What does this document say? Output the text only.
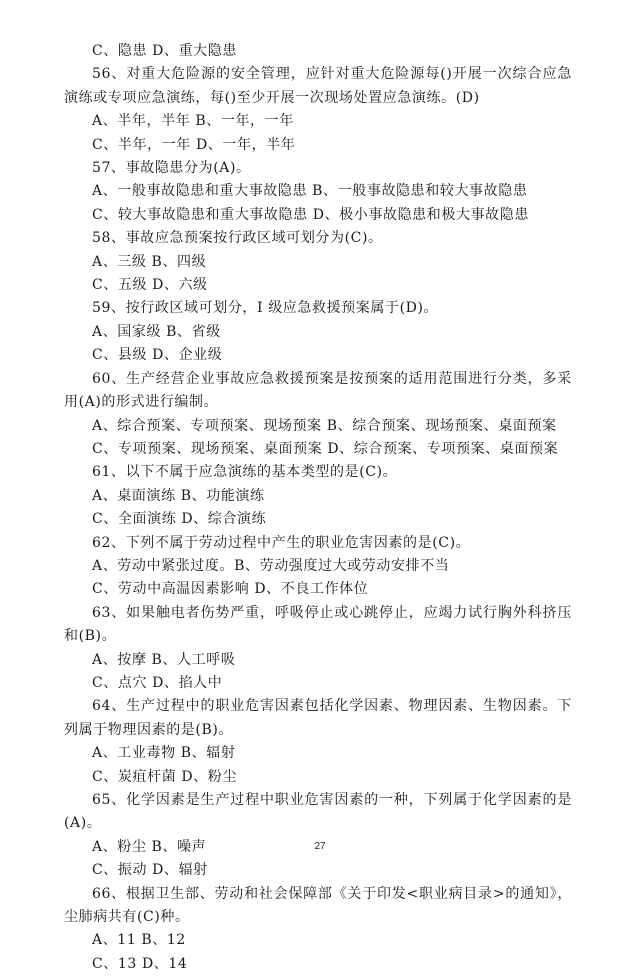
C、隐患 D、重大隐患
56、对重大危险源的安全管理，应针对重大危险源每()开展一次综合应急演练或专项应急演练，每()至少开展一次现场处置应急演练。(D)
A、半年，半年 B、一年，一年
C、半年，一年 D、一年，半年
57、事故隐患分为(A)。
A、一般事故隐患和重大事故隐患 B、一般事故隐患和较大事故隐患
C、较大事故隐患和重大事故隐患 D、极小事故隐患和极大事故隐患
58、事故应急预案按行政区域可划分为(C)。
A、三级 B、四级
C、五级 D、六级
59、按行政区域可划分，I 级应急救援预案属于(D)。
A、国家级 B、省级
C、县级 D、企业级
60、生产经营企业事故应急救援预案是按预案的适用范围进行分类，多采用(A)的形式进行编制。
A、综合预案、专项预案、现场预案 B、综合预案、现场预案、桌面预案
C、专项预案、现场预案、桌面预案 D、综合预案、专项预案、桌面预案
61、以下不属于应急演练的基本类型的是(C)。
A、桌面演练 B、功能演练
C、全面演练 D、综合演练
62、下列不属于劳动过程中产生的职业危害因素的是(C)。
A、劳动中紧张过度。B、劳动强度过大或劳动安排不当
C、劳动中高温因素影响 D、不良工作体位
63、如果触电者伤势严重，呼吸停止或心跳停止，应竭力试行胸外科挤压和(B)。
A、按摩 B、人工呼吸
C、点穴 D、掐人中
64、生产过程中的职业危害因素包括化学因素、物理因素、生物因素。下列属于物理因素的是(B)。
A、工业毒物 B、辐射
C、炭疽杆菌 D、粉尘
65、化学因素是生产过程中职业危害因素的一种，下列属于化学因素的是(A)。
A、粉尘 B、噪声
C、振动 D、辐射
66、根据卫生部、劳动和社会保障部《关于印发<职业病目录>的通知》，尘肺病共有(C)种。
A、11 B、12
C、13 D、14
27
